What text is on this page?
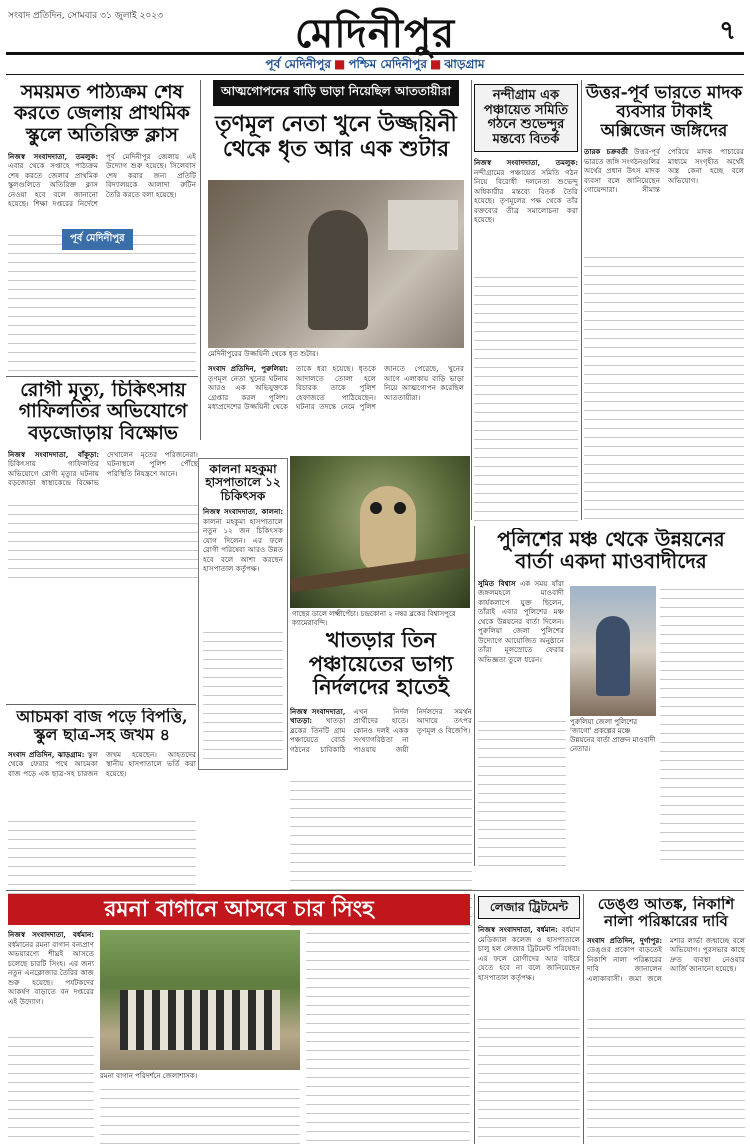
সংবাদ প্রতিদিন, সোমবার ৩১ জুলাই ২০২৩	মেদিনীপুর	৭
পূর্ব মেদিনীপুর ■ পশ্চিম মেদিনীপুর ■ ঝাড়গ্রাম
সময়মত পাঠ্যক্রম শেষ করতে জেলায় প্রাথমিক স্কুলে অতিরিক্ত ক্লাস
নিজস্ব সংবাদদাতা, তমলুক: এবার থেকে সপ্তাহে পাঠ্যক্রম শেষ করতে জেলার প্রাথমিক স্কুলগুলিতে অতিরিক্ত ক্লাস নেওয়া হবে বলে জানানো হয়েছে। শিক্ষা দপ্তরের নির্দেশে পূর্ব মেদিনীপুর জেলায় এই উদ্যোগ শুরু হয়েছে। সিলেবাস শেষ করার জন্য প্রতিটি বিদ্যালয়কে আলাদা রুটিন তৈরি করতে বলা হয়েছে।
পূর্ব মেদিনীপুর
আত্মগোপনের বাড়ি ভাড়া নিয়েছিল আততায়ীরা
তৃণমূল নেতা খুনে উজ্জয়িনী থেকে ধৃত আর এক শুটার
মেদিনীপুরের উজ্জয়িনী থেকে ধৃত শুটার।
সংবাদ প্রতিদিন, পুরুলিয়া: তৃণমূল নেতা খুনের ঘটনায় আরও এক অভিযুক্তকে গ্রেপ্তার করল পুলিশ। মধ্যপ্রদেশের উজ্জয়িনী থেকে তাকে ধরা হয়েছে। ধৃতকে আদালতে তোলা হলে বিচারক তাকে পুলিশ হেফাজতে পাঠিয়েছেন। ঘটনার তদন্তে নেমে পুলিশ জানতে পেরেছে, খুনের আগে এলাকায় বাড়ি ভাড়া নিয়ে আত্মগোপন করেছিল আততায়ীরা।
নন্দীগ্রাম এক পঞ্চায়েত সমিতি গঠনে শুভেন্দুর মন্তব্যে বিতর্ক
নিজস্ব সংবাদদাতা, তমলুক: নন্দীগ্রামের পঞ্চায়েত সমিতি গঠন নিয়ে বিরোধী দলনেতা শুভেন্দু অধিকারীর মন্তব্যে বিতর্ক তৈরি হয়েছে। তৃণমূলের পক্ষ থেকে তাঁর বক্তব্যের তীব্র সমালোচনা করা হয়েছে।
উত্তর-পূর্ব ভারতে মাদক ব্যবসার টাকাই অক্সিজেন জঙ্গিদের
তারক চক্রবর্তী উত্তর-পূর্ব ভারতে জঙ্গি সংগঠনগুলির অর্থের প্রধান উৎস মাদক ব্যবসা বলে জানিয়েছেন গোয়েন্দারা। সীমান্ত পেরিয়ে মাদক পাচারের মাধ্যমে সংগৃহীত অর্থেই অস্ত্র কেনা হচ্ছে বলে অভিযোগ।
রোগী মৃত্যু, চিকিৎসায় গাফিলতির অভিযোগে বড়জোড়ায় বিক্ষোভ
নিজস্ব সংবাদদাতা, বাঁকুড়া: চিকিৎসায় গাফিলতির অভিযোগে রোগী মৃত্যুর ঘটনায় বড়জোড়া স্বাস্থ্যকেন্দ্রে বিক্ষোভ দেখালেন মৃতের পরিজনেরা। ঘটনাস্থলে পুলিশ পৌঁছে পরিস্থিতি নিয়ন্ত্রণে আনে।	কালনা মহকুমা হাসপাতালে ১২ চিকিৎসক
নিজস্ব সংবাদদাতা, কালনা: কালনা মহকুমা হাসপাতালে নতুন ১২ জন চিকিৎসক যোগ দিলেন। এর ফলে রোগী পরিষেবা আরও উন্নত হবে বলে আশা করছেন হাসপাতাল কর্তৃপক্ষ।
গাছের ডালে লক্ষ্মীপেঁচা। চন্দ্রকোনা ২ নম্বর ব্লকের বিশ্বাসপুরে ক্যামেরাবন্দি।
খাতড়ার তিন পঞ্চায়েতের ভাগ্য নির্দলদের হাতেই
নিজস্ব সংবাদদাতা, খাতড়া: খাতড়া ব্লকের তিনটি গ্রাম পঞ্চায়েতে বোর্ড গঠনের চাবিকাঠি এখন নির্দল প্রার্থীদের হাতে। কোনও দলই একক সংখ্যাগরিষ্ঠতা না পাওয়ায় জয়ী নির্দলদের সমর্থন আদায়ে তৎপর তৃণমূল ও বিজেপি।
আচমকা বাজ পড়ে বিপত্তি, স্কুল ছাত্র-সহ জখম ৪
সংবাদ প্রতিদিন, ঝাড়গ্রাম: স্কুল থেকে ফেরার পথে আচমকা বাজ পড়ে এক ছাত্র-সহ চারজন জখম হয়েছেন। আহতদের স্থানীয় হাসপাতালে ভর্তি করা হয়েছে।
পুলিশের মঞ্চ থেকে উন্নয়নের বার্তা একদা মাওবাদীদের
সুমিত বিশ্বাস এক সময় যাঁরা জঙ্গলমহলে মাওবাদী কার্যকলাপে যুক্ত ছিলেন, তাঁরাই এবার পুলিশের মঞ্চ থেকে উন্নয়নের বার্তা দিলেন। পুরুলিয়া জেলা পুলিশের উদ্যোগে আয়োজিত অনুষ্ঠানে তাঁরা মূলস্রোতে ফেরার অভিজ্ঞতা তুলে ধরেন।
পুরুলিয়া জেলা পুলিশের 'জাগো' প্রকল্পের মঞ্চে উন্নয়নের বার্তা প্রাক্তন মাওবাদী নেতার।
রমনা বাগানে আসবে চার সিংহ
নিজস্ব সংবাদদাতা, বর্ধমান: বর্ধমানের রমনা বাগান বন্যপ্রাণ অভয়ারণ্যে শীঘ্রই আসতে চলেছে চারটি সিংহ। এর জন্য নতুন এনক্লোজার তৈরির কাজ শুরু হয়েছে। পর্যটকদের আকর্ষণ বাড়াতে বন দপ্তরের এই উদ্যোগ।
রমনা বাগান পরিদর্শনে জেলাশাসক।
লেজার ট্রিটমেন্ট
নিজস্ব সংবাদদাতা, বর্ধমান: বর্ধমান মেডিক্যাল কলেজ ও হাসপাতালে চালু হল লেজার ট্রিটমেন্ট পরিষেবা। এর ফলে রোগীদের আর বাইরে যেতে হবে না বলে জানিয়েছেন হাসপাতাল কর্তৃপক্ষ।
ডেঙ্গু আতঙ্ক, নিকাশি নালা পরিষ্কারের দাবি
সংবাদ প্রতিদিন, দুর্গাপুর: ডেঙ্গুর প্রকোপ বাড়তেই নিকাশি নালা পরিষ্কারের দাবি জানালেন এলাকাবাসী। জমা জলে মশার লার্ভা জন্মাচ্ছে বলে অভিযোগ। পুরসভার কাছে দ্রুত ব্যবস্থা নেওয়ার আর্জি জানানো হয়েছে।
